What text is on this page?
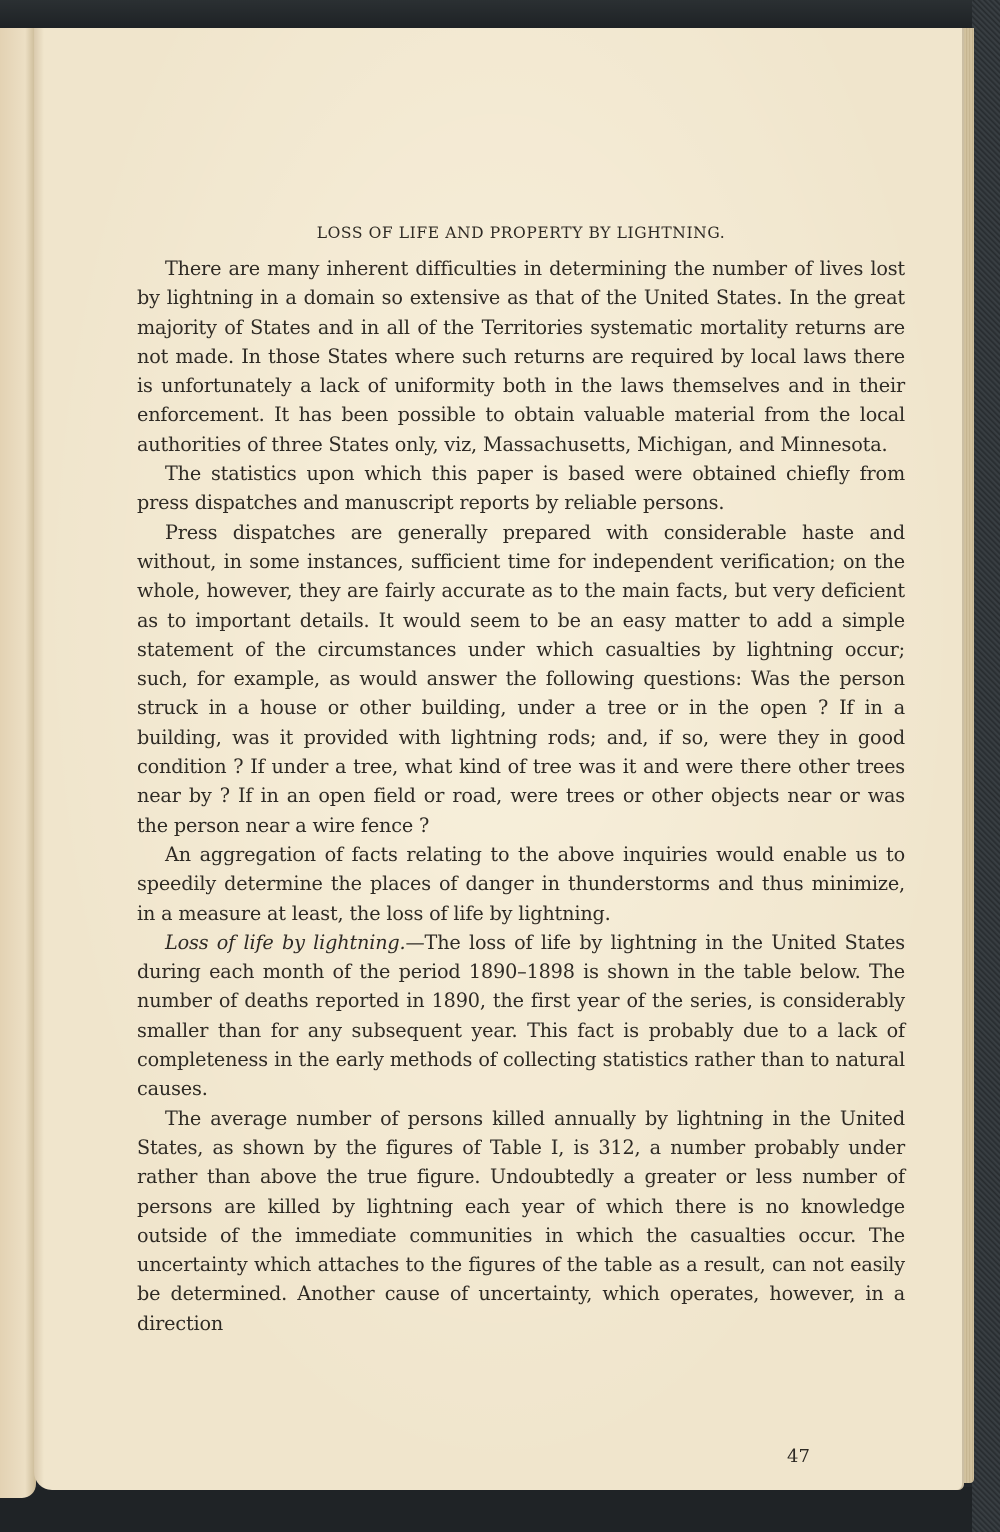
LOSS OF LIFE AND PROPERTY BY LIGHTNING.

There are many inherent difficulties in determining the number of lives lost by lightning in a domain so extensive as that of the United States. In the great majority of States and in all of the Territories systematic mortality returns are not made. In those States where such returns are required by local laws there is unfortunately a lack of uniformity both in the laws themselves and in their enforcement. It has been possible to obtain valuable material from the local authorities of three States only, viz, Massachusetts, Michigan, and Minnesota.

The statistics upon which this paper is based were obtained chiefly from press dispatches and manuscript reports by reliable persons.

Press dispatches are generally prepared with considerable haste and without, in some instances, sufficient time for independent verification; on the whole, however, they are fairly accurate as to the main facts, but very deficient as to important details. It would seem to be an easy matter to add a simple statement of the circumstances under which casualties by lightning occur; such, for example, as would answer the following questions: Was the person struck in a house or other building, under a tree or in the open ? If in a building, was it provided with lightning rods; and, if so, were they in good condition ? If under a tree, what kind of tree was it and were there other trees near by ? If in an open field or road, were trees or other objects near or was the person near a wire fence ?

An aggregation of facts relating to the above inquiries would enable us to speedily determine the places of danger in thunderstorms and thus minimize, in a measure at least, the loss of life by lightning.

Loss of life by lightning.—The loss of life by lightning in the United States during each month of the period 1890–1898 is shown in the table below. The number of deaths reported in 1890, the first year of the series, is considerably smaller than for any subsequent year. This fact is probably due to a lack of completeness in the early methods of collecting statistics rather than to natural causes.

The average number of persons killed annually by lightning in the United States, as shown by the figures of Table I, is 312, a number probably under rather than above the true figure. Undoubtedly a greater or less number of persons are killed by lightning each year of which there is no knowledge outside of the immediate communities in which the casualties occur. The uncertainty which attaches to the figures of the table as a result, can not easily be determined. Another cause of uncertainty, which operates, however, in a direction

47
